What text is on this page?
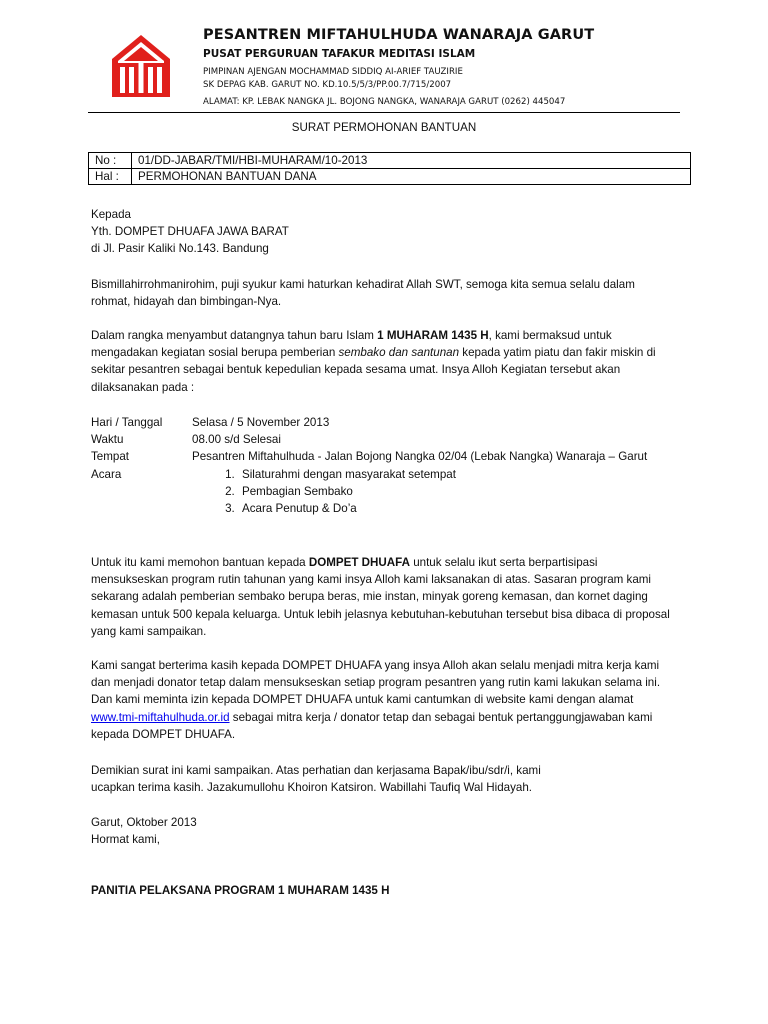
PESANTREN MIFTAHULHUDA WANARAJA GARUT
PUSAT PERGURUAN TAFAKUR MEDITASI ISLAM
PIMPINAN AJENGAN MOCHAMMAD SIDDIQ AI-ARIEF TAUZIRIE
SK DEPAG KAB. GARUT NO. KD.10.5/5/3/PP.00.7/715/2007
ALAMAT: KP. LEBAK NANGKA JL. BOJONG NANGKA, WANARAJA GARUT (0262) 445047
SURAT PERMOHONAN BANTUAN
No :	01/DD-JABAR/TMI/HBI-MUHARAM/10-2013
Hal :	PERMOHONAN BANTUAN DANA

Kepada

Yth. DOMPET DHUAFA JAWA BARAT

di Jl. Pasir Kaliki No.143. Bandung

Bismillahirrohmanirohim, puji syukur kami haturkan kehadirat Allah SWT, semoga kita semua selalu dalam rohmat, hidayah dan bimbingan-Nya.

Dalam rangka menyambut datangnya tahun baru Islam 1 MUHARAM 1435 H, kami bermaksud untuk mengadakan kegiatan sosial berupa pemberian sembako dan santunan kepada yatim piatu dan fakir miskin di sekitar pesantren sebagai bentuk kepedulian kepada sesama umat. Insya Alloh Kegiatan tersebut akan dilaksanakan pada :

Hari / Tanggal	Selasa / 5 November 2013
Waktu	08.00 s/d Selesai
Tempat	Pesantren Miftahulhuda - Jalan Bojong Nangka 02/04 (Lebak Nangka) Wanaraja – Garut
Acara	1. Silaturahmi dengan masyarakat setempat
2. Pembagian Sembako
3. Acara Penutup & Do’a

Untuk itu kami memohon bantuan kepada DOMPET DHUAFA untuk selalu ikut serta berpartisipasi mensukseskan program rutin tahunan yang kami insya Alloh kami laksanakan di atas. Sasaran program kami sekarang adalah pemberian sembako berupa beras, mie instan, minyak goreng kemasan, dan kornet daging kemasan untuk 500 kepala keluarga. Untuk lebih jelasnya kebutuhan-kebutuhan tersebut bisa dibaca di proposal yang kami sampaikan.

Kami sangat berterima kasih kepada DOMPET DHUAFA yang insya Alloh akan selalu menjadi mitra kerja kami dan menjadi donator tetap dalam mensukseskan setiap program pesantren yang rutin kami lakukan selama ini. Dan kami meminta izin kepada DOMPET DHUAFA untuk kami cantumkan di website kami dengan alamat www.tmi-miftahulhuda.or.id sebagai mitra kerja / donator tetap dan sebagai bentuk pertanggungjawaban kami kepada DOMPET DHUAFA.

Demikian surat ini kami sampaikan. Atas perhatian dan kerjasama Bapak/ibu/sdr/i, kami

ucapkan terima kasih. Jazakumullohu Khoiron Katsiron. Wabillahi Taufiq Wal Hidayah.

Garut, Oktober 2013

Hormat kami,

PANITIA PELAKSANA PROGRAM 1 MUHARAM 1435 H
